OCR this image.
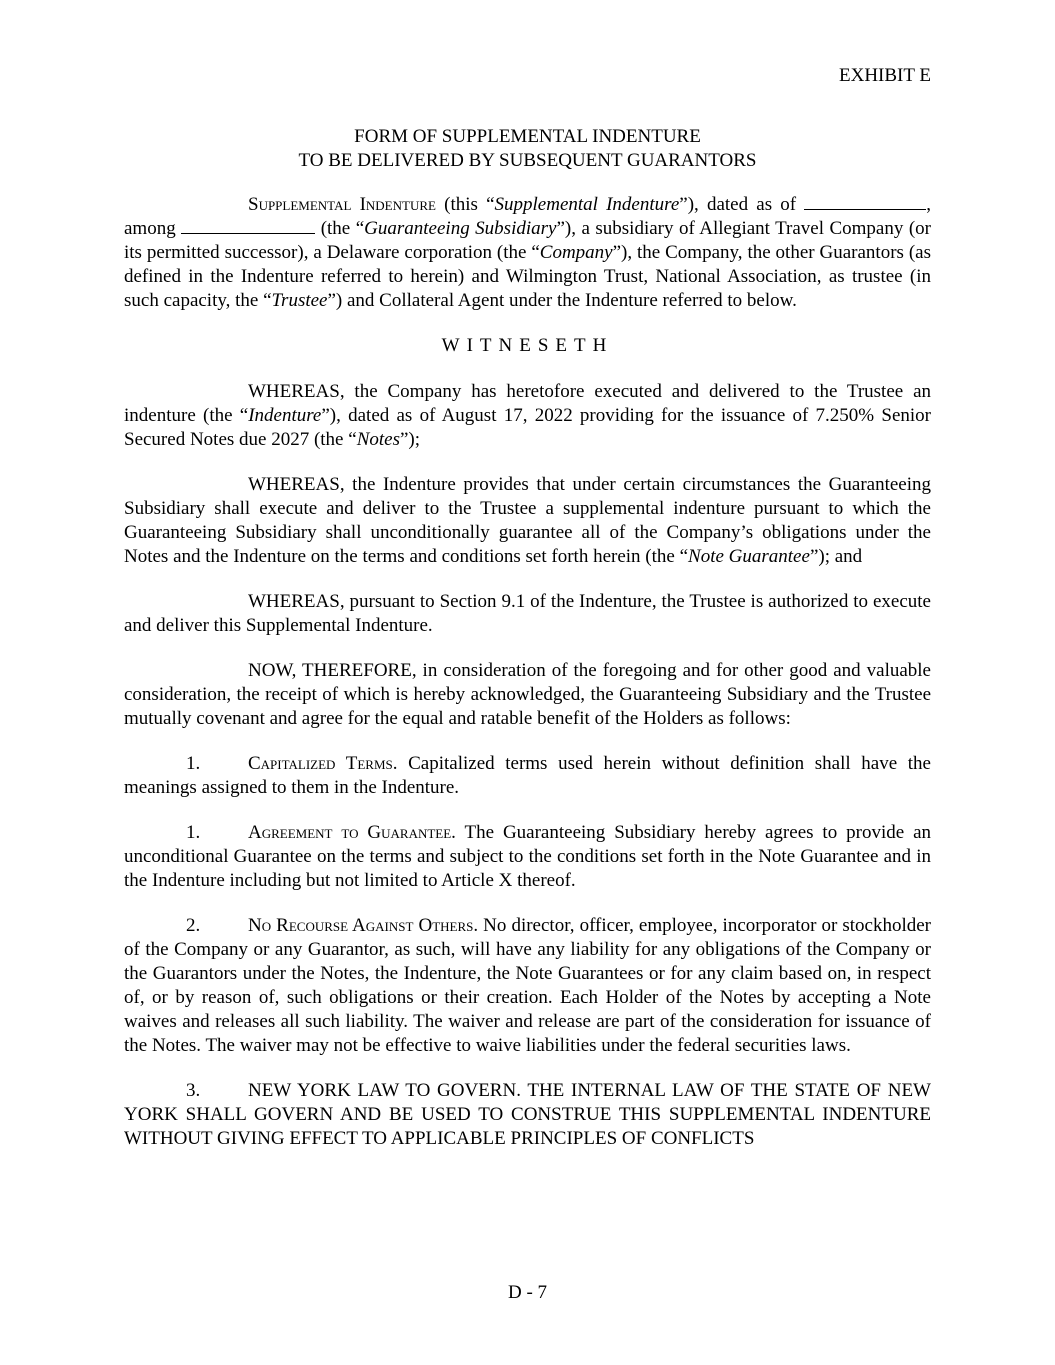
EXHIBIT E
FORM OF SUPPLEMENTAL INDENTURE
TO BE DELIVERED BY SUBSEQUENT GUARANTORS

Supplemental Indenture (this “Supplemental Indenture”), dated as of	, among	(the “Guaranteeing Subsidiary”), a subsidiary of Allegiant Travel Company (or its permitted successor), a Delaware corporation (the “Company”), the Company, the other Guarantors (as defined in the Indenture referred to herein) and Wilmington Trust, National Association, as trustee (in such capacity, the “Trustee”) and Collateral Agent under the Indenture referred to below.

WITNESETH

WHEREAS, the Company has heretofore executed and delivered to the Trustee an indenture (the “Indenture”), dated as of August 17, 2022 providing for the issuance of 7.250% Senior Secured Notes due 2027 (the “Notes”);

WHEREAS, the Indenture provides that under certain circumstances the Guaranteeing Subsidiary shall execute and deliver to the Trustee a supplemental indenture pursuant to which the Guaranteeing Subsidiary shall unconditionally guarantee all of the Company’s obligations under the Notes and the Indenture on the terms and conditions set forth herein (the “Note Guarantee”); and

WHEREAS, pursuant to Section 9.1 of the Indenture, the Trustee is authorized to execute and deliver this Supplemental Indenture.

NOW, THEREFORE, in consideration of the foregoing and for other good and valuable consideration, the receipt of which is hereby acknowledged, the Guaranteeing Subsidiary and the Trustee mutually covenant and agree for the equal and ratable benefit of the Holders as follows:

1.	Capitalized Terms. Capitalized terms used herein without definition shall have the meanings assigned to them in the Indenture.

1.	Agreement to Guarantee. The Guaranteeing Subsidiary hereby agrees to provide an unconditional Guarantee on the terms and subject to the conditions set forth in the Note Guarantee and in the Indenture including but not limited to Article X thereof.

2.	No Recourse Against Others. No director, officer, employee, incorporator or stockholder of the Company or any Guarantor, as such, will have any liability for any obligations of the Company or the Guarantors under the Notes, the Indenture, the Note Guarantees or for any claim based on, in respect of, or by reason of, such obligations or their creation. Each Holder of the Notes by accepting a Note waives and releases all such liability. The waiver and release are part of the consideration for issuance of the Notes. The waiver may not be effective to waive liabilities under the federal securities laws.

3.	NEW YORK LAW TO GOVERN. THE INTERNAL LAW OF THE STATE OF NEW YORK SHALL GOVERN AND BE USED TO CONSTRUE THIS SUPPLEMENTAL INDENTURE WITHOUT GIVING EFFECT TO APPLICABLE PRINCIPLES OF CONFLICTS

D - 7
